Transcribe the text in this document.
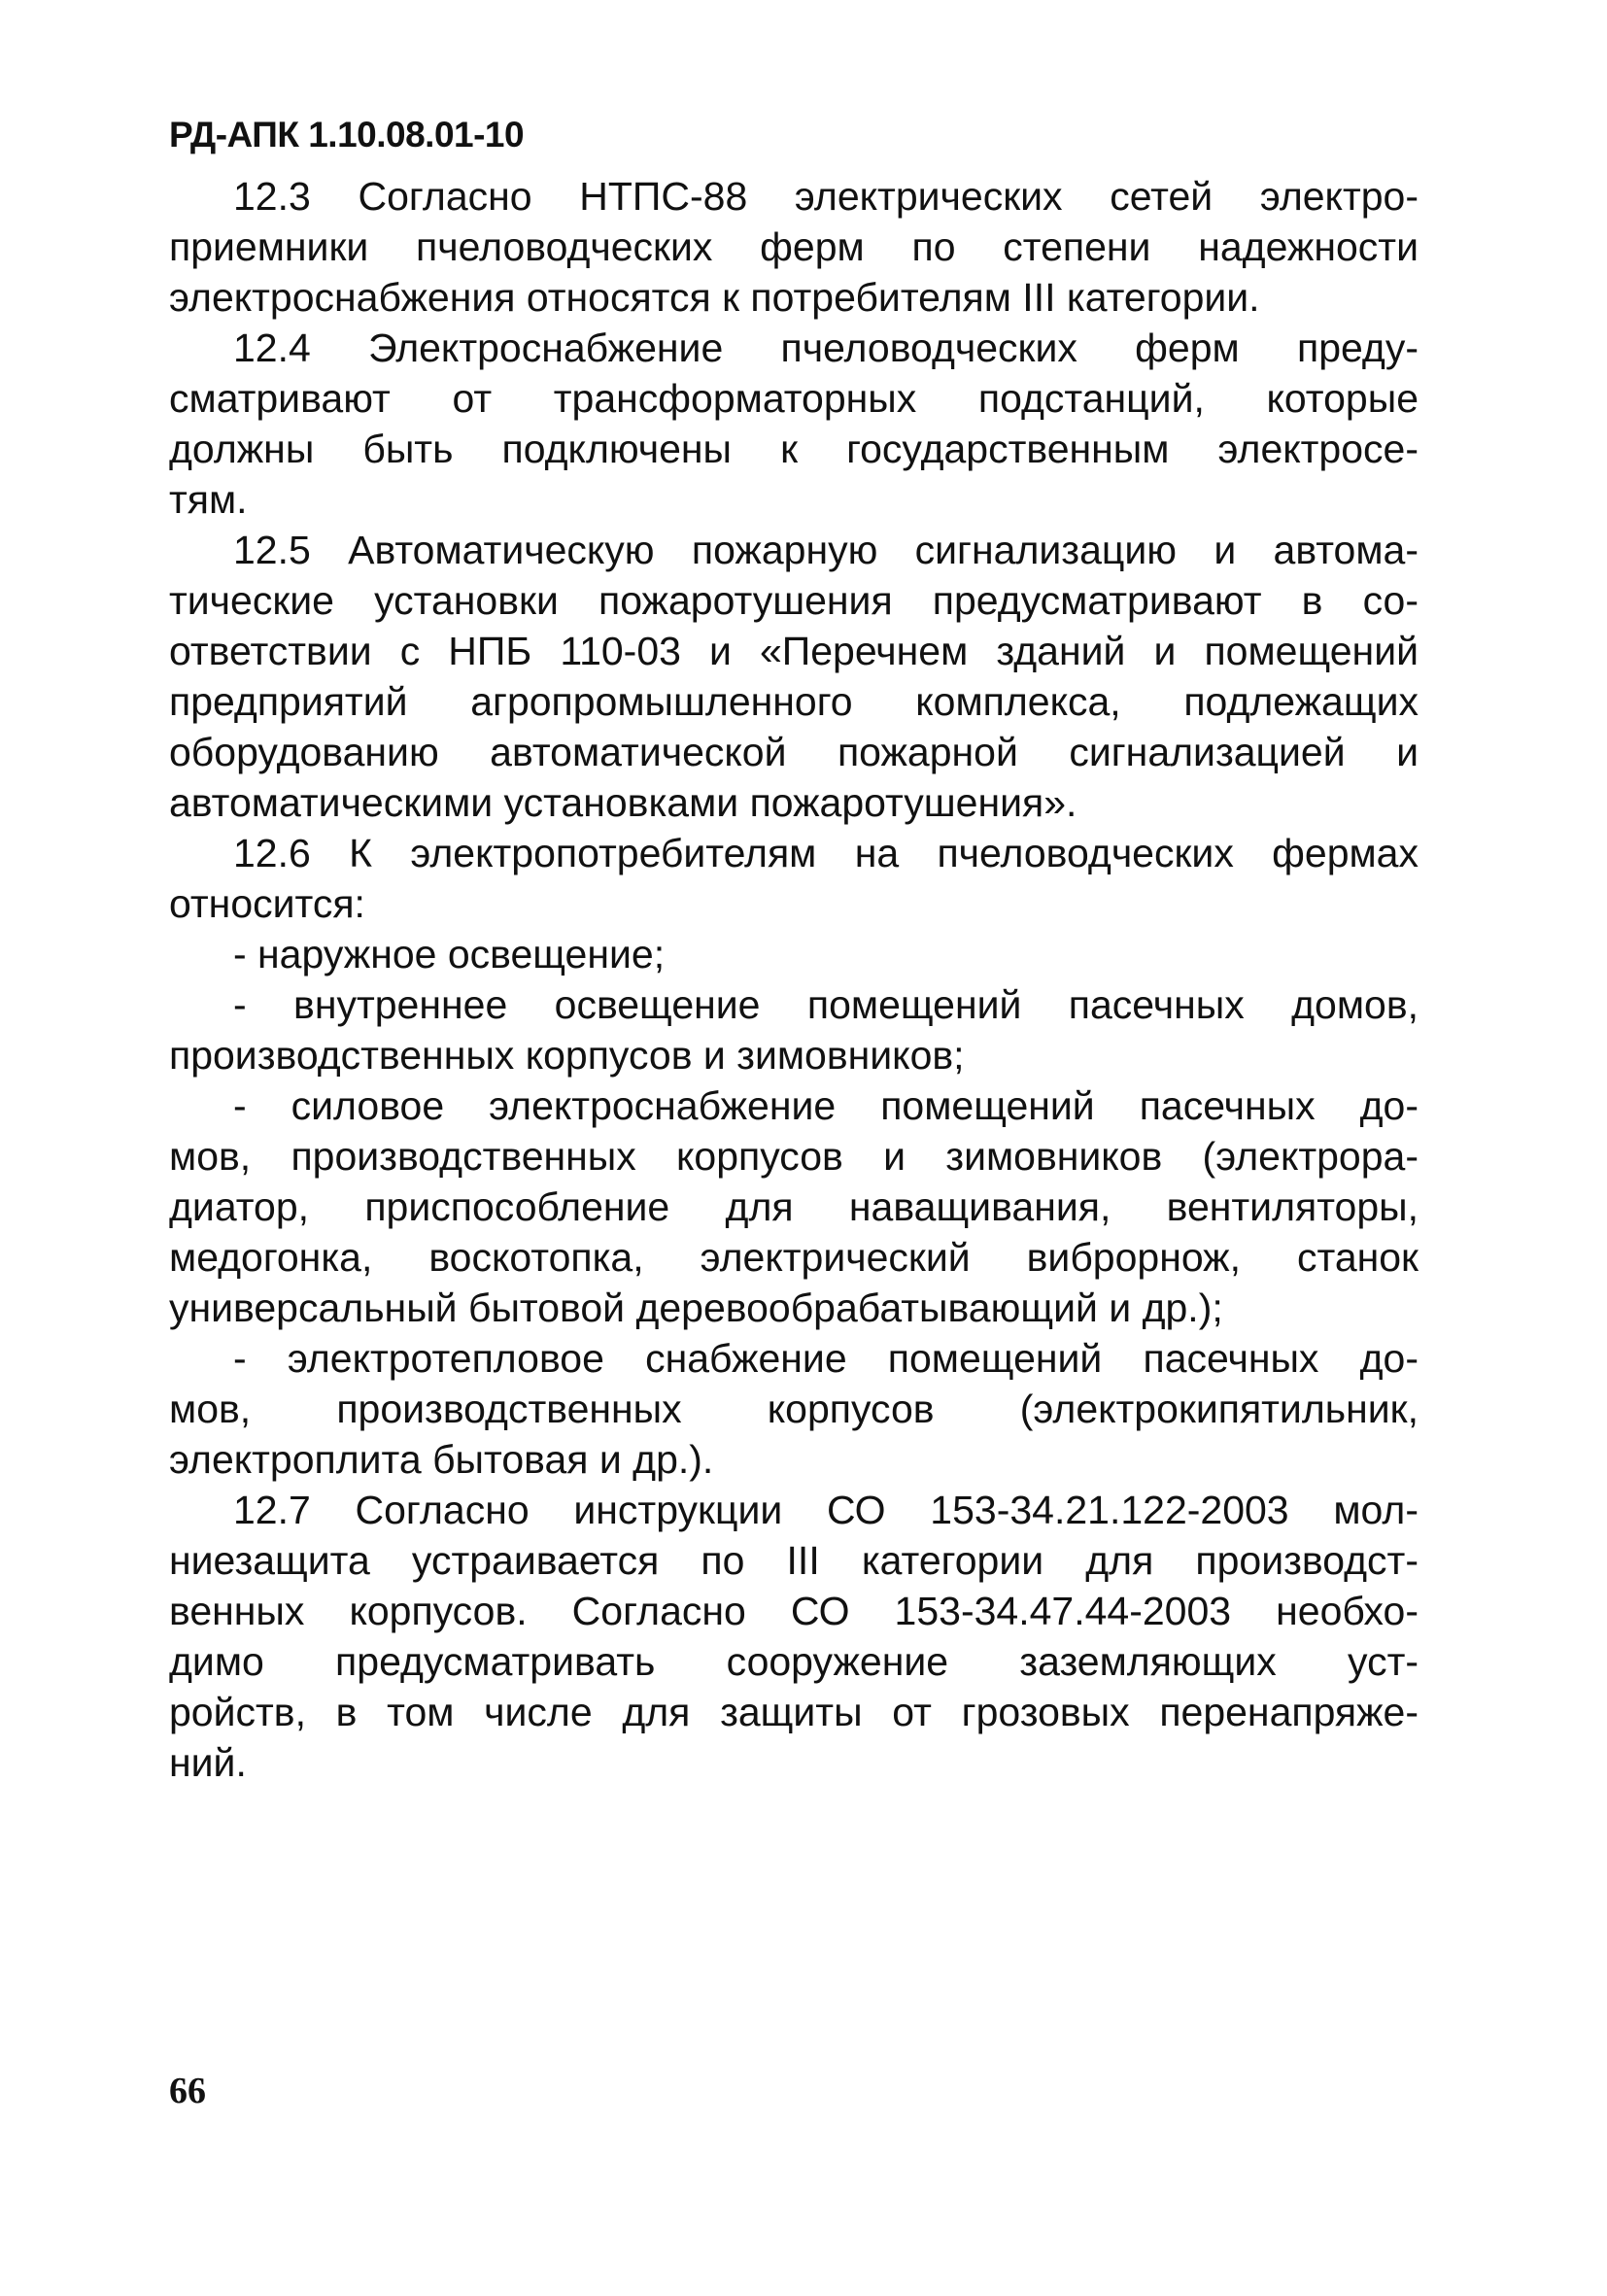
РД-АПК 1.10.08.01-10
12.3 Согласно НТПС-88 электрических сетей электро-
приемники пчеловодческих ферм по степени надежности
электроснабжения относятся к потребителям III категории.
12.4 Электроснабжение пчеловодческих ферм преду-
сматривают от трансформаторных подстанций, которые
должны быть подключены к государственным электросе-
тям.
12.5 Автоматическую пожарную сигнализацию и автома-
тические установки пожаротушения предусматривают в со-
ответствии с НПБ 110-03 и «Перечнем зданий и помещений
предприятий агропромышленного комплекса, подлежащих
оборудованию автоматической пожарной сигнализацией и
автоматическими установками пожаротушения».
12.6 К электропотребителям на пчеловодческих фермах
относится:
- наружное освещение;
- внутреннее освещение помещений пасечных домов,
производственных корпусов и зимовников;
- силовое электроснабжение помещений пасечных до-
мов, производственных корпусов и зимовников (электрора-
диатор, приспособление для наващивания, вентиляторы,
медогонка, воскотопка, электрический виброрнож, станок
универсальный бытовой деревообрабатывающий и др.);
- электротепловое снабжение помещений пасечных до-
мов, производственных корпусов (электрокипятильник,
электроплита бытовая и др.).
12.7 Согласно инструкции СО 153-34.21.122-2003 мол-
ниезащита устраивается по III категории для производст-
венных корпусов. Согласно СО 153-34.47.44-2003 необхо-
димо предусматривать сооружение заземляющих уст-
ройств, в том числе для защиты от грозовых перенапряже-
ний.
66
